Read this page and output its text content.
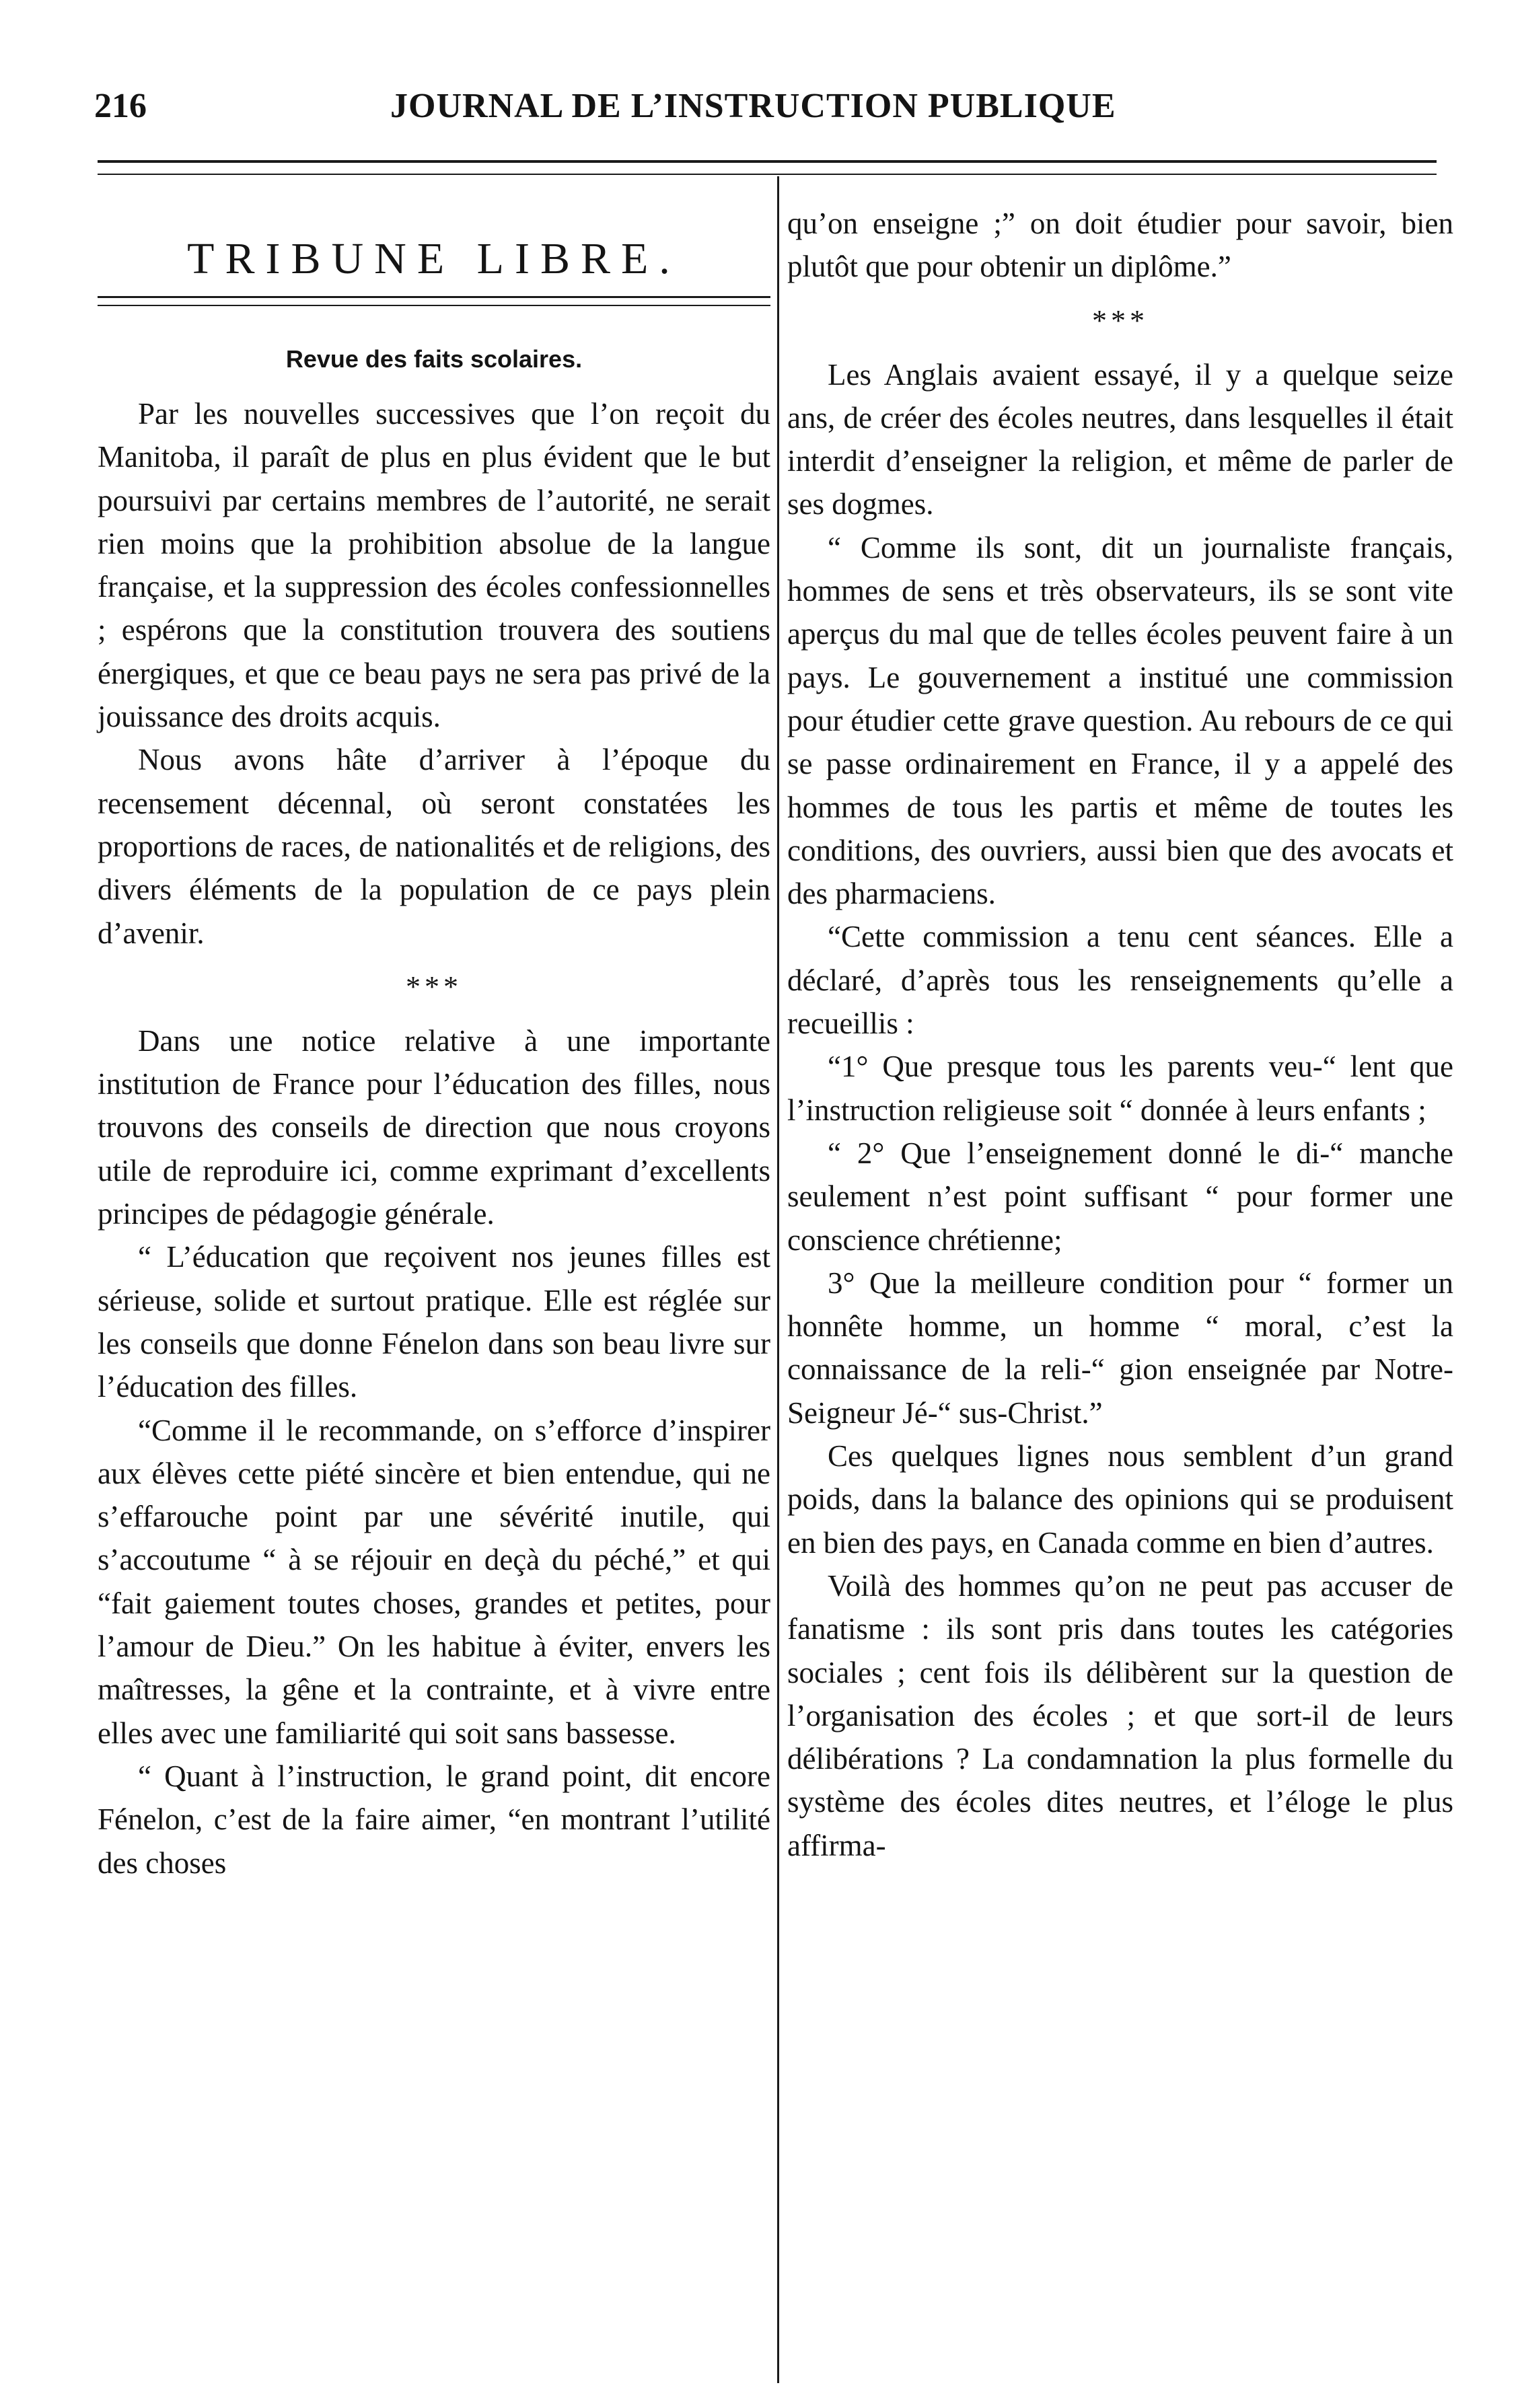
216	JOURNAL DE L’INSTRUCTION PUBLIQUE
TRIBUNE LIBRE.
Revue des faits scolaires.

Par les nouvelles successives que l’on reçoit du Manitoba, il paraît de plus en plus évident que le but poursuivi par certains membres de l’autorité, ne serait rien moins que la prohibition absolue de la langue française, et la suppression des écoles confessionnelles ; espérons que la constitution trouvera des soutiens énergiques, et que ce beau pays ne sera pas privé de la jouissance des droits acquis.

Nous avons hâte d’arriver à l’époque du recensement décennal, où seront constatées les proportions de races, de nationalités et de religions, des divers éléments de la population de ce pays plein d’avenir.

***

Dans une notice relative à une importante institution de France pour l’éducation des filles, nous trouvons des conseils de direction que nous croyons utile de reproduire ici, comme exprimant d’excellents principes de pédagogie générale.

“ L’éducation que reçoivent nos jeunes filles est sérieuse, solide et surtout pratique. Elle est réglée sur les conseils que donne Fénelon dans son beau livre sur l’éducation des filles.

“Comme il le recommande, on s’efforce d’inspirer aux élèves cette piété sincère et bien entendue, qui ne s’effarouche point par une sévérité inutile, qui s’accoutume “ à se réjouir en deçà du péché,” et qui “fait gaiement toutes choses, grandes et petites, pour l’amour de Dieu.” On les habitue à éviter, envers les maîtresses, la gêne et la contrainte, et à vivre entre elles avec une familiarité qui soit sans bassesse.

“ Quant à l’instruction, le grand point, dit encore Fénelon, c’est de la faire aimer, “en montrant l’utilité des choses

qu’on enseigne ;” on doit étudier pour savoir, bien plutôt que pour obtenir un diplôme.”

***

Les Anglais avaient essayé, il y a quelque seize ans, de créer des écoles neutres, dans lesquelles il était interdit d’enseigner la religion, et même de parler de ses dogmes.

“ Comme ils sont, dit un journaliste français, hommes de sens et très observateurs, ils se sont vite aperçus du mal que de telles écoles peuvent faire à un pays. Le gouvernement a institué une commission pour étudier cette grave question. Au rebours de ce qui se passe ordinairement en France, il y a appelé des hommes de tous les partis et même de toutes les conditions, des ouvriers, aussi bien que des avocats et des pharmaciens.

“Cette commission a tenu cent séances. Elle a déclaré, d’après tous les renseignements qu’elle a recueillis :

“1° Que presque tous les parents veu-“ lent que l’instruction religieuse soit “ donnée à leurs enfants ;

“ 2° Que l’enseignement donné le di-“ manche seulement n’est point suffisant “ pour former une conscience chrétienne;

3° Que la meilleure condition pour “ former un honnête homme, un homme “ moral, c’est la connaissance de la reli-“ gion enseignée par Notre-Seigneur Jé-“ sus-Christ.”

Ces quelques lignes nous semblent d’un grand poids, dans la balance des opinions qui se produisent en bien des pays, en Canada comme en bien d’autres.

Voilà des hommes qu’on ne peut pas accuser de fanatisme : ils sont pris dans toutes les catégories sociales ; cent fois ils délibèrent sur la question de l’organisation des écoles ; et que sort-il de leurs délibérations ? La condamnation la plus formelle du système des écoles dites neutres, et l’éloge le plus affirma-
